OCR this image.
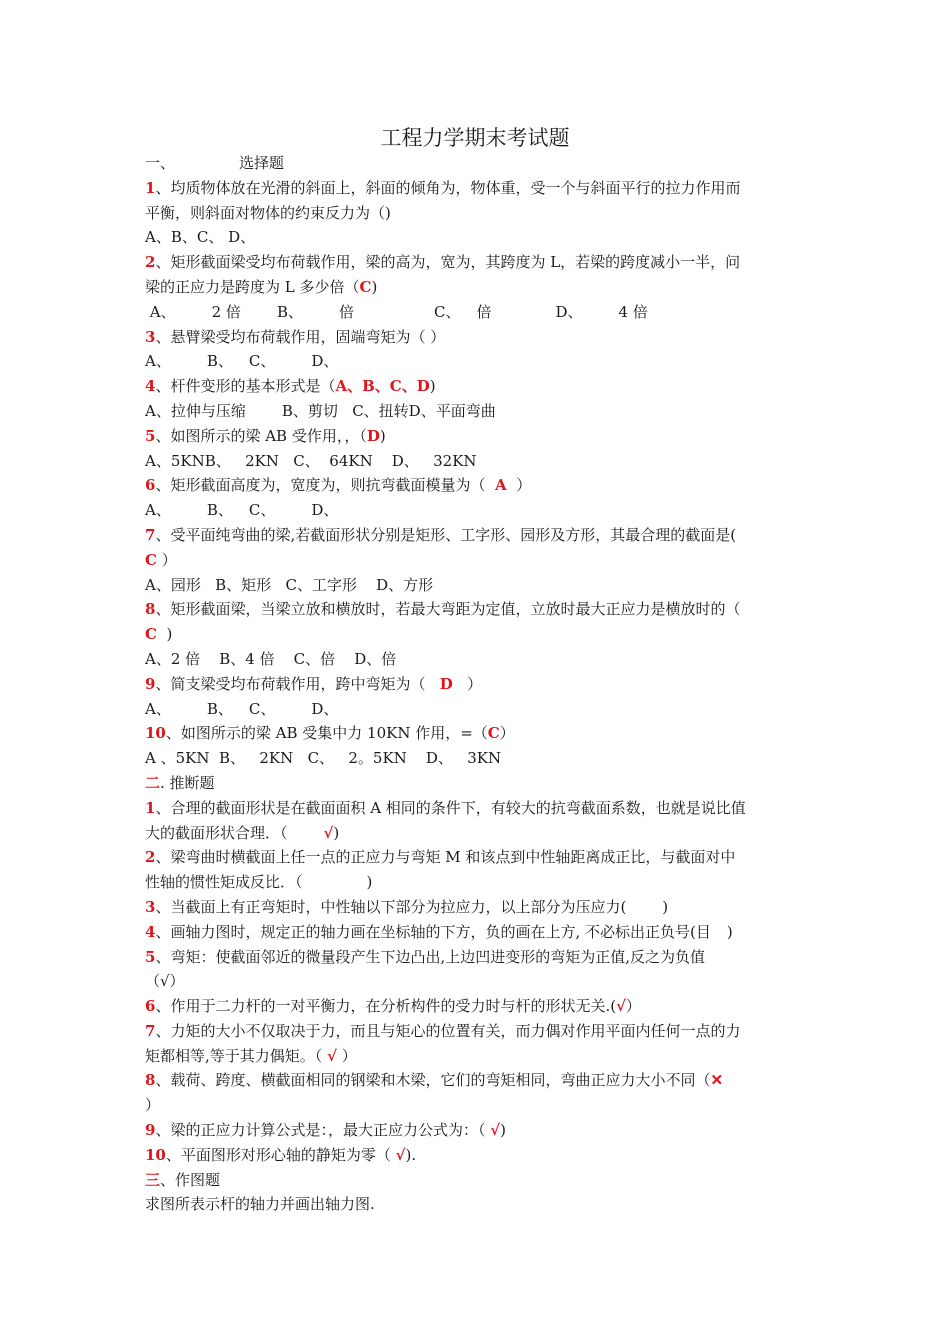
工程力学期末考试题
一、	选择题
1、均质物体放在光滑的斜面上，斜面的倾角为，物体重，受一个与斜面平行的拉力作用而
平衡，则斜面对物体的约束反力为（)
A、B、C、 D、
2、矩形截面梁受均布荷载作用，梁的高为，宽为，其跨度为 L，若梁的跨度减小一半，问
梁的正应力是跨度为 L 多少倍（C)
A、 2 倍 B、 倍	C、 倍	D、 4 倍
3、悬臂梁受均布荷载作用，固端弯矩为（ ）
A、 B、 C、 D、
4、杆件变形的基本形式是（A、B、C、D)
A、拉伸与压缩 B、剪切 C、扭转D、平面弯曲
5、如图所示的梁 AB 受作用，，（D)
A、5KNB、 2KN C、 64KN D、 32KN
6、矩形截面高度为，宽度为，则抗弯截面模量为（ A ）
A、 B、 C、 D、
7、受平面纯弯曲的梁,若截面形状分别是矩形、工字形、园形及方形，其最合理的截面是(
C ）
A、园形 B、矩形 C、工字形 D、方形
8、矩形截面梁，当梁立放和横放时，若最大弯距为定值，立放时最大正应力是横放时的（
C )
A、2 倍 B、4 倍 C、倍 D、倍
9、简支梁受均布荷载作用，跨中弯矩为（ D ）
A、 B、 C、 D、
10、如图所示的梁 AB 受集中力 10KN 作用，=（C）
A 、5KN B、 2KN C、 2。5KN D、 3KN
二. 推断题
1、合理的截面形状是在截面面积 A 相同的条件下，有较大的抗弯截面系数，也就是说比值
大的截面形状合理．（ √)
2、梁弯曲时横截面上任一点的正应力与弯矩 M 和该点到中性轴距离成正比，与截面对中
性轴的惯性矩成反比．（	)
3、当截面上有正弯矩时，中性轴以下部分为拉应力，以上部分为压应力( )
4、画轴力图时，规定正的轴力画在坐标轴的下方，负的画在上方, 不必标出正负号(目 )
5、弯矩：使截面邻近的微量段产生下边凸出,上边凹进变形的弯矩为正值,反之为负值
（√）
6、作用于二力杆的一对平衡力，在分析构件的受力时与杆的形状无关.(√）
7、力矩的大小不仅取决于力，而且与矩心的位置有关，而力偶对作用平面内任何一点的力
矩都相等,等于其力偶矩。（ √ ）
8、载荷、跨度、横截面相同的钢梁和木梁，它们的弯矩相同，弯曲正应力大小不同（✕
）
9、梁的正应力计算公式是：，最大正应力公式为：（ √)
10、平面图形对形心轴的静矩为零（ √).
三、作图题
求图所表示杆的轴力并画出轴力图.
